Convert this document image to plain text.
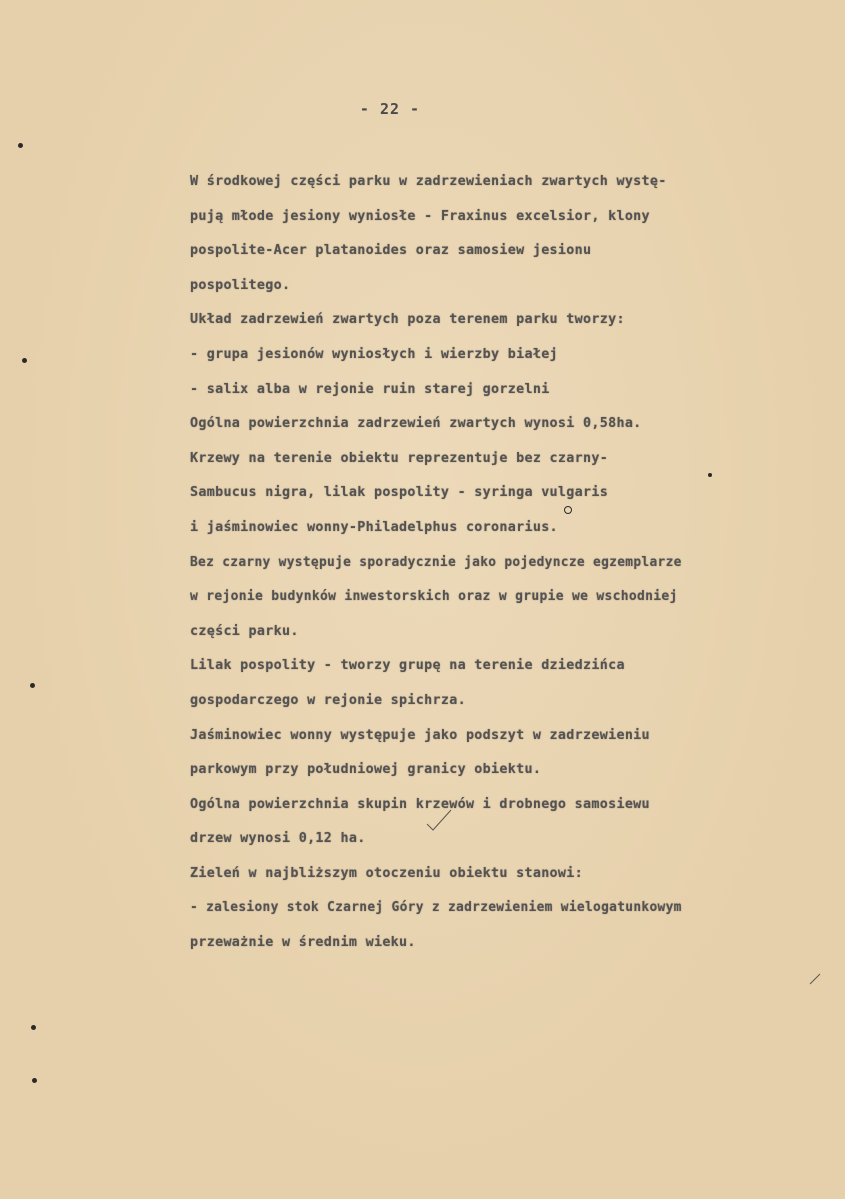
- 22 -
W środkowej części parku w zadrzewieniach zwartych wystę-
pują młode jesiony wyniosłe - Fraxinus excelsior, klony
pospolite-Acer platanoides oraz samosiew jesionu
pospolitego.
Układ zadrzewień zwartych poza terenem parku tworzy:
- grupa jesionów wyniosłych i wierzby białej
- salix alba w rejonie ruin starej gorzelni
Ogólna powierzchnia zadrzewień zwartych wynosi 0,58ha.
Krzewy na terenie obiektu reprezentuje bez czarny-
Sambucus nigra, lilak pospolity - syringa vulgaris
i jaśminowiec wonny-Philadelphus coronarius.
Bez czarny występuje sporadycznie jako pojedyncze egzemplarze
w rejonie budynków inwestorskich oraz w grupie we wschodniej
części parku.
Lilak pospolity - tworzy grupę na terenie dziedzińca
gospodarczego w rejonie spichrza.
Jaśminowiec wonny występuje jako podszyt w zadrzewieniu
parkowym przy południowej granicy obiektu.
Ogólna powierzchnia skupin krzewów i drobnego samosiewu
drzew wynosi 0,12 ha.
Zieleń w najbliższym otoczeniu obiektu stanowi:
- zalesiony stok Czarnej Góry z zadrzewieniem wielogatunkowym
przeważnie w średnim wieku.
